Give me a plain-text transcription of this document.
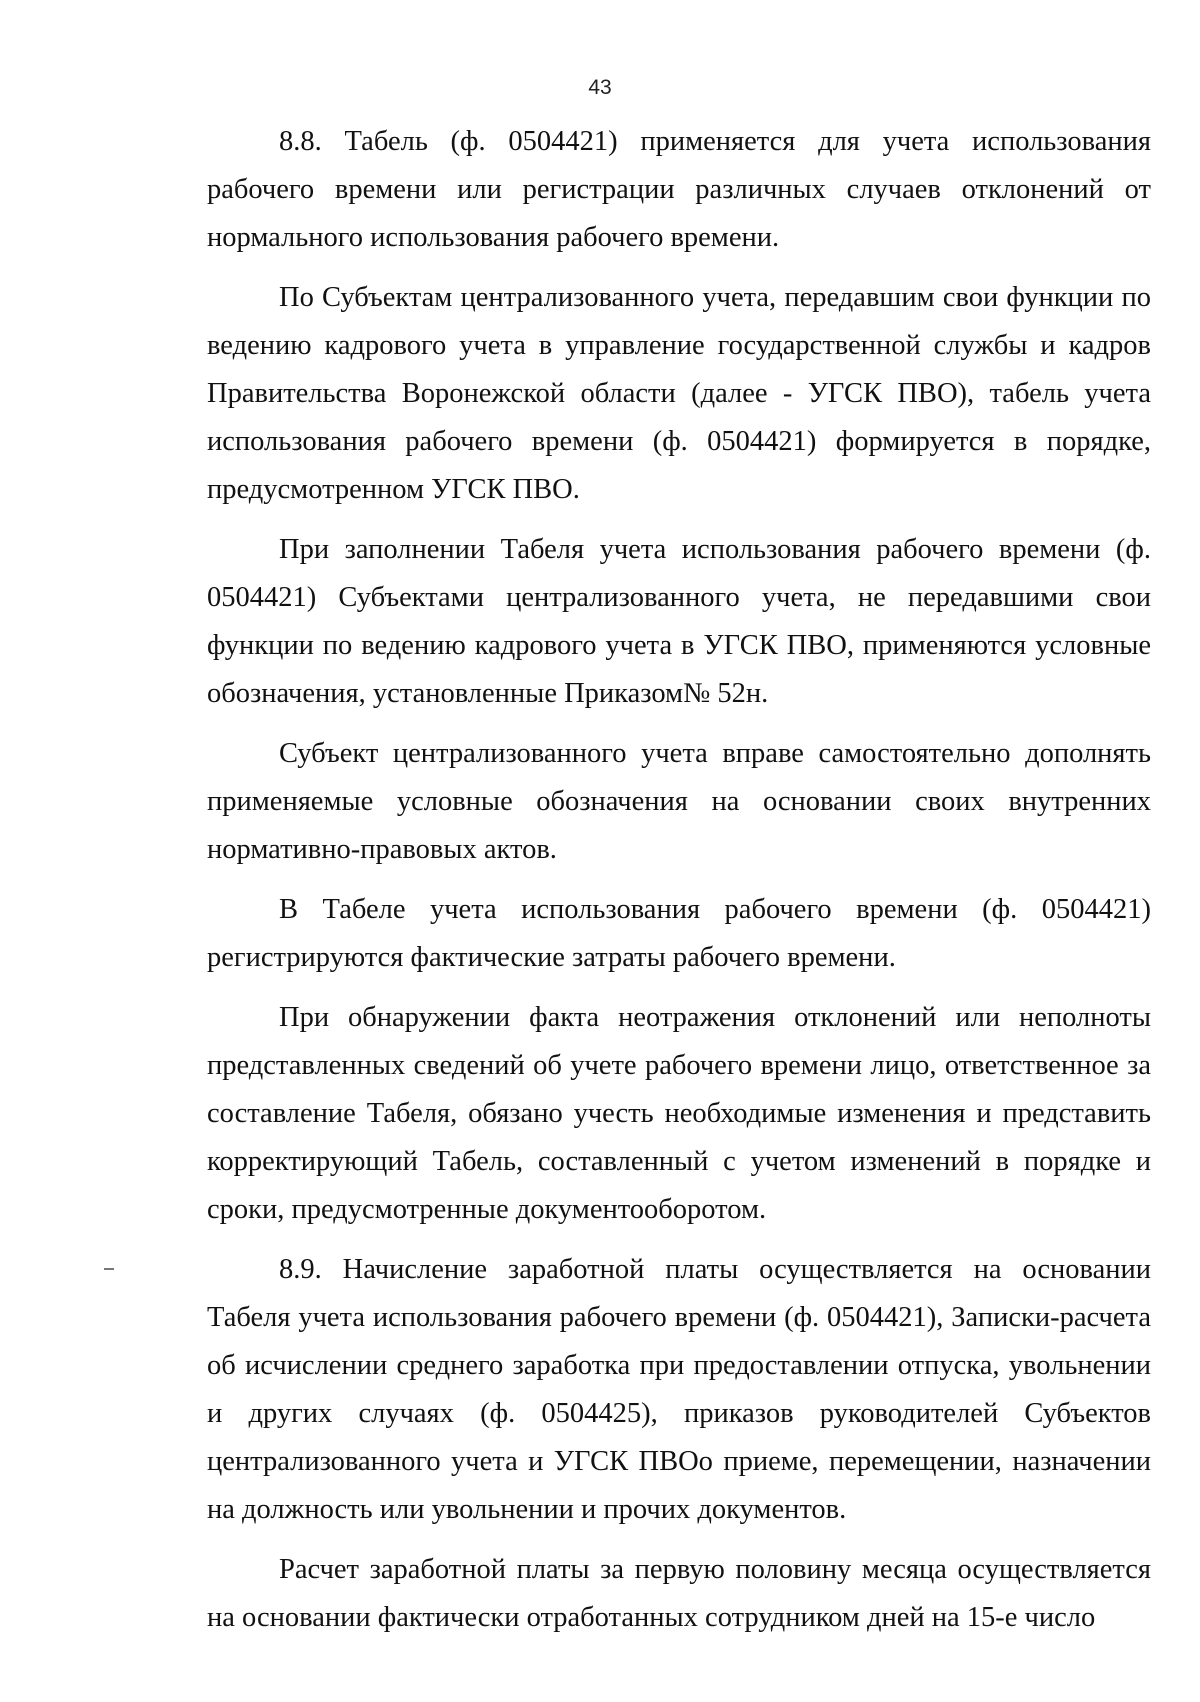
43

8.8. Табель (ф. 0504421) применяется для учета использования рабочего времени или регистрации различных случаев отклонений от нормального использования рабочего времени.

По Субъектам централизованного учета, передавшим свои функции по ведению кадрового учета в управление государственной службы и кадров Правительства Воронежской области (далее - УГСК ПВО), табель учета использования рабочего времени (ф. 0504421) формируется в порядке, предусмотренном УГСК ПВО.

При заполнении Табеля учета использования рабочего времени (ф. 0504421) Субъектами централизованного учета, не передавшими свои функции по ведению кадрового учета в УГСК ПВО, применяются условные обозначения, установленные Приказом№ 52н.

Субъект централизованного учета вправе самостоятельно дополнять применяемые условные обозначения на основании своих внутренних нормативно-правовых актов.

В Табеле учета использования рабочего времени (ф. 0504421) регистрируются фактические затраты рабочего времени.

При обнаружении факта неотражения отклонений или неполноты представленных сведений об учете рабочего времени лицо, ответственное за составление Табеля, обязано учесть необходимые изменения и представить корректирующий Табель, составленный с учетом изменений в порядке и сроки, предусмотренные документооборотом.

8.9. Начисление заработной платы осуществляется на основании Табеля учета использования рабочего времени (ф. 0504421), Записки-расчета об исчислении среднего заработка при предоставлении отпуска, увольнении и других случаях (ф. 0504425), приказов руководителей Субъектов централизованного учета и УГСК ПВОо приеме, перемещении, назначении на должность или увольнении и прочих документов.

Расчет заработной платы за первую половину месяца осуществляется на основании фактически отработанных сотрудником дней на 15-е число
